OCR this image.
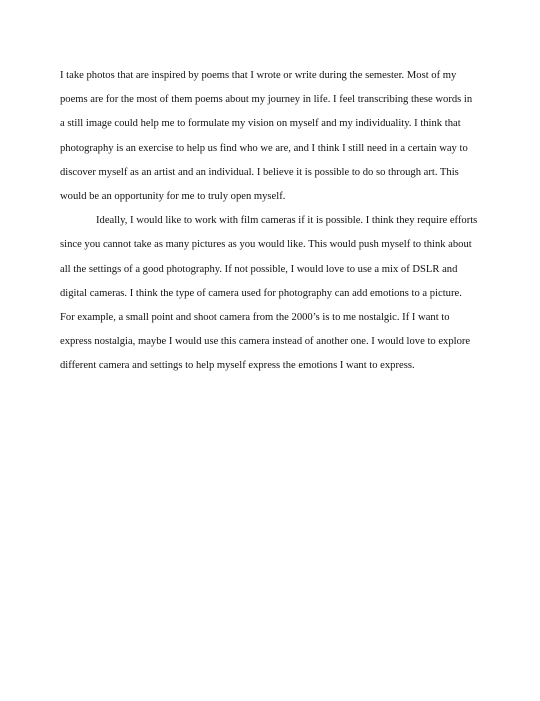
I take photos that are inspired by poems that I wrote or write during the semester. Most of my
poems are for the most of them poems about my journey in life. I feel transcribing these words in
a still image could help me to formulate my vision on myself and my individuality. I think that
photography is an exercise to help us find who we are, and I think I still need in a certain way to
discover myself as an artist and an individual. I believe it is possible to do so through art. This
would be an opportunity for me to truly open myself.
Ideally, I would like to work with film cameras if it is possible. I think they require efforts
since you cannot take as many pictures as you would like. This would push myself to think about
all the settings of a good photography. If not possible, I would love to use a mix of DSLR and
digital cameras. I think the type of camera used for photography can add emotions to a picture.
For example, a small point and shoot camera from the 2000’s is to me nostalgic. If I want to
express nostalgia, maybe I would use this camera instead of another one. I would love to explore
different camera and settings to help myself express the emotions I want to express.
